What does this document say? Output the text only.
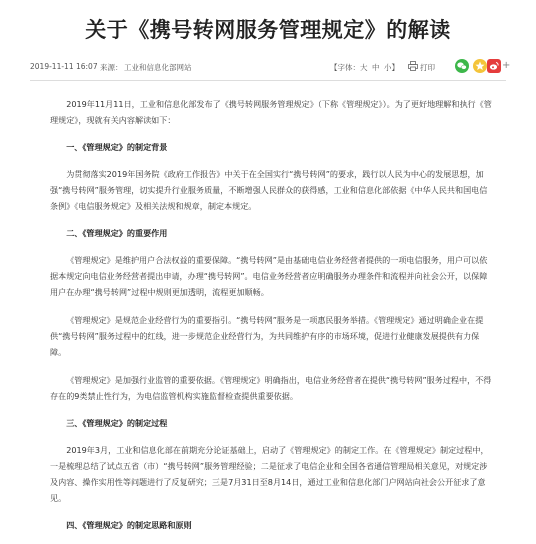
关于《携号转网服务管理规定》的解读
2019-11-11 16:07 来源： 工业和信息化部网站	【字体： 大 中 小】	打印	+

2019年11月11日，工业和信息化部发布了《携号转网服务管理规定》（下称《管理规定》）。为了更好地理解和执行《管理规定》，现就有关内容解读如下：

一、《管理规定》的制定背景

为贯彻落实2019年国务院《政府工作报告》中关于在全国实行“携号转网”的要求，践行以人民为中心的发展思想，加强“携号转网”服务管理，切实提升行业服务质量，不断增强人民群众的获得感，工业和信息化部依据《中华人民共和国电信条例》《电信服务规定》及相关法规和规章，制定本规定。

二、《管理规定》的重要作用

《管理规定》是维护用户合法权益的重要保障。“携号转网”是由基础电信业务经营者提供的一项电信服务，用户可以依据本规定向电信业务经营者提出申请，办理“携号转网”。电信业务经营者应明确服务办理条件和流程并向社会公开，以保障用户在办理“携号转网”过程中规则更加透明，流程更加顺畅。

《管理规定》是规范企业经营行为的重要指引。“携号转网”服务是一项惠民服务举措。《管理规定》通过明确企业在提供“携号转网”服务过程中的红线，进一步规范企业经营行为，为共同维护有序的市场环境，促进行业健康发展提供有力保障。

《管理规定》是加强行业监管的重要依据。《管理规定》明确指出，电信业务经营者在提供“携号转网”服务过程中，不得存在的9类禁止性行为，为电信监管机构实施监督检查提供重要依据。

三、《管理规定》的制定过程

2019年3月，工业和信息化部在前期充分论证基础上，启动了《管理规定》的制定工作。在《管理规定》制定过程中，一是梳理总结了试点五省（市）“携号转网”服务管理经验；二是征求了电信企业和全国各省通信管理局相关意见，对规定涉及内容、操作实用性等问题进行了反复研究；三是7月31日至8月14日，通过工业和信息化部门户网站向社会公开征求了意见。

四、《管理规定》的制定思路和原则
